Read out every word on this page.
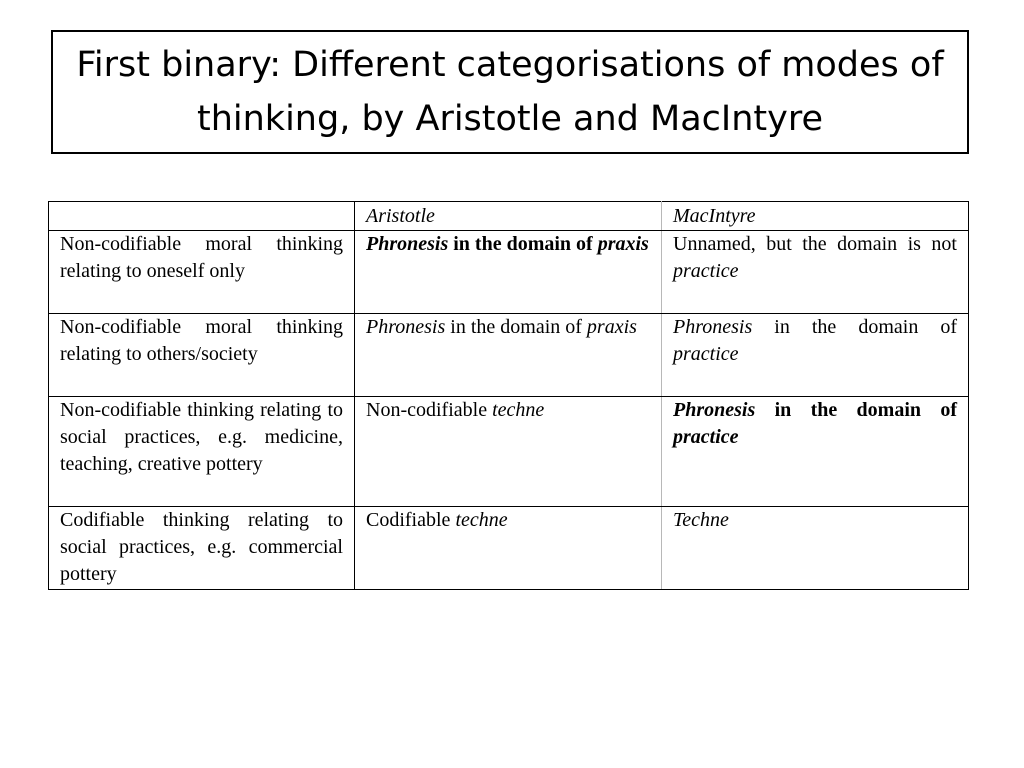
First binary: Different categorisations of modes of thinking, by Aristotle and MacIntyre
	Aristotle	MacIntyre
Non-codifiable moral thinking relating to oneself only	Phronesis in the domain of praxis	Unnamed, but the domain is not practice
Non-codifiable moral thinking relating to others/society	Phronesis in the domain of praxis	Phronesis in the domain of practice
Non-codifiable thinking relating to social practices, e.g. medicine, teaching, creative pottery	Non-codifiable techne	Phronesis in the domain of practice
Codifiable thinking relating to social practices, e.g. commercial pottery	Codifiable techne	Techne
